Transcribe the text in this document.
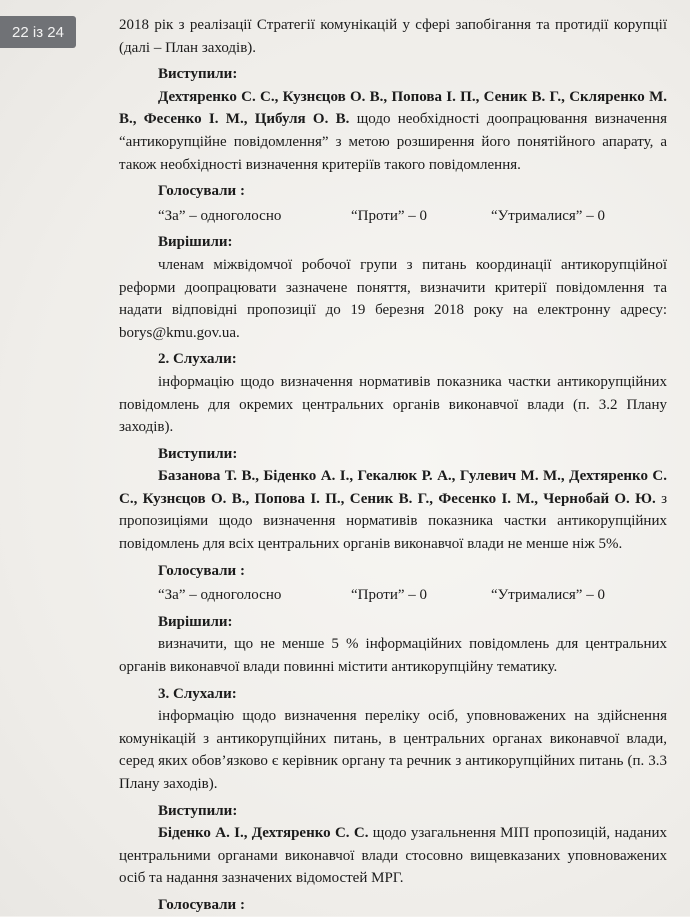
22 із 24	2018 рік з реалізації Стратегії комунікацій у сфері запобігання та протидії корупції (далі – План заходів).

Виступили:

Дехтяренко С. С., Кузнєцов О. В., Попова І. П., Сеник В. Г., Скляренко М. В., Фесенко І. М., Цибуля О. В. щодо необхідності доопрацювання визначення “антикорупційне повідомлення” з метою розширення його понятійного апарату, а також необхідності визначення критеріїв такого повідомлення.

Голосували :

“За” – одноголосно	“Проти” – 0	“Утрималися” – 0

Вирішили:

членам міжвідомчої робочої групи з питань координації антикорупційної реформи доопрацювати зазначене поняття, визначити критерії повідомлення та надати відповідні пропозиції до 19 березня 2018 року на електронну адресу: borys@kmu.gov.ua.

2. Слухали:

інформацію щодо визначення нормативів показника частки антикорупційних повідомлень для окремих центральних органів виконавчої влади (п. 3.2 Плану заходів).

Виступили:

Базанова Т. В., Біденко А. І., Гекалюк Р. А., Гулевич М. М., Дехтяренко С. С., Кузнєцов О. В., Попова І. П., Сеник В. Г., Фесенко І. М., Чернобай О. Ю. з пропозиціями щодо визначення нормативів показника частки антикорупційних повідомлень для всіх центральних органів виконавчої влади не менше ніж 5%.

Голосували :

“За” – одноголосно	“Проти” – 0	“Утрималися” – 0

Вирішили:

визначити, що не менше 5 % інформаційних повідомлень для центральних органів виконавчої влади повинні містити антикорупційну тематику.

3. Слухали:

інформацію щодо визначення переліку осіб, уповноважених на здійснення комунікацій з антикорупційних питань, в центральних органах виконавчої влади, серед яких обов’язково є керівник органу та речник з антикорупційних питань (п. 3.3 Плану заходів).

Виступили:

Біденко А. І., Дехтяренко С. С. щодо узагальнення МІП пропозицій, наданих центральними органами виконавчої влади стосовно вищевказаних уповноважених осіб та надання зазначених відомостей МРГ.

Голосували :
